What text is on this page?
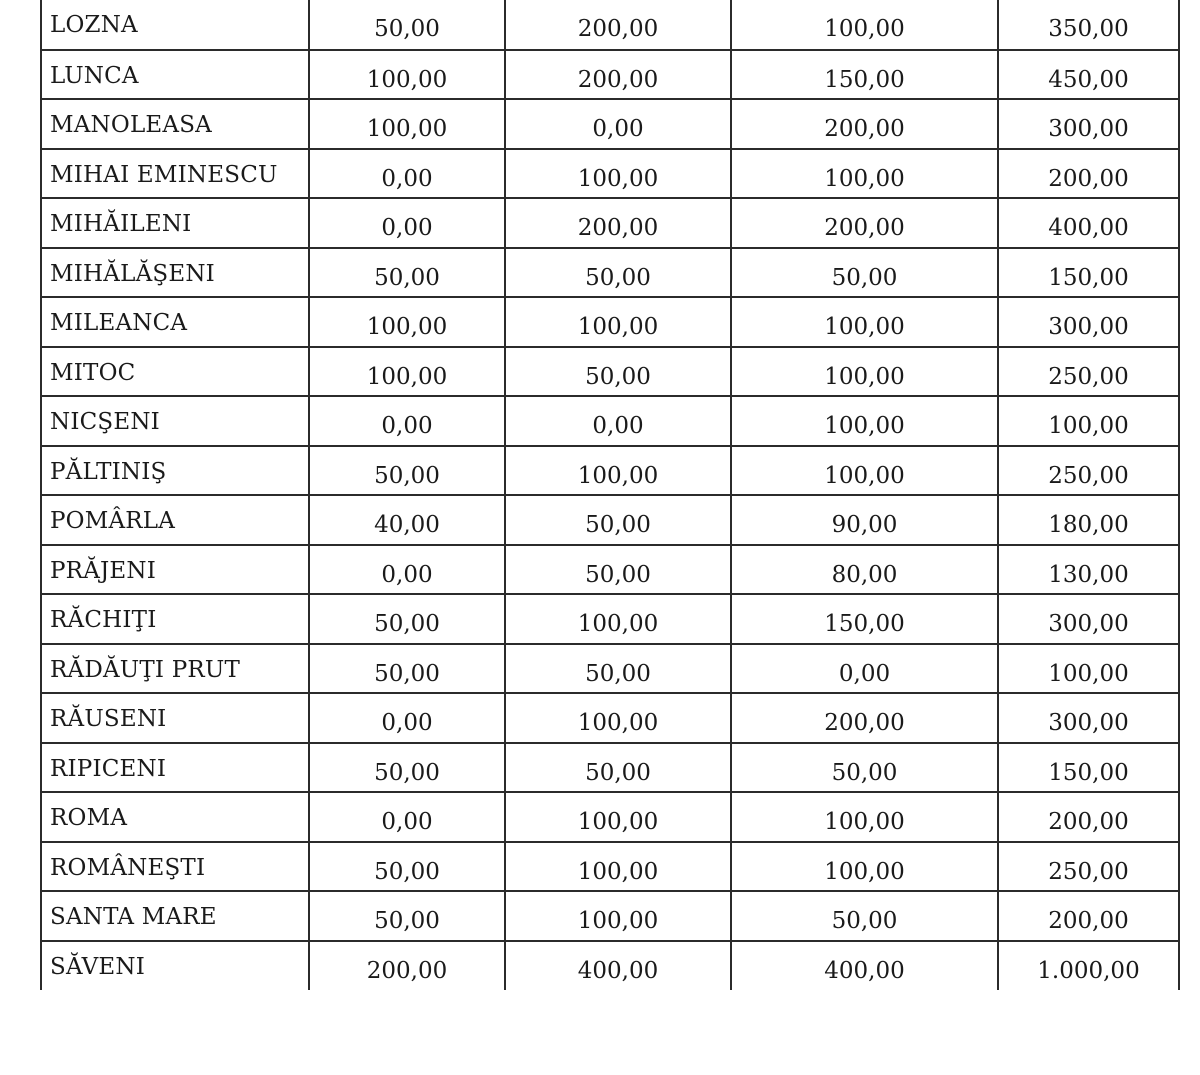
LOZNA	50,00	200,00	100,00	350,00
LUNCA	100,00	200,00	150,00	450,00
MANOLEASA	100,00	0,00	200,00	300,00
MIHAI EMINESCU	0,00	100,00	100,00	200,00
MIHĂILENI	0,00	200,00	200,00	400,00
MIHĂLĂŞENI	50,00	50,00	50,00	150,00
MILEANCA	100,00	100,00	100,00	300,00
MITOC	100,00	50,00	100,00	250,00
NICŞENI	0,00	0,00	100,00	100,00
PĂLTINIŞ	50,00	100,00	100,00	250,00
POMÂRLA	40,00	50,00	90,00	180,00
PRĂJENI	0,00	50,00	80,00	130,00
RĂCHIŢI	50,00	100,00	150,00	300,00
RĂDĂUŢI PRUT	50,00	50,00	0,00	100,00
RĂUSENI	0,00	100,00	200,00	300,00
RIPICENI	50,00	50,00	50,00	150,00
ROMA	0,00	100,00	100,00	200,00
ROMÂNEŞTI	50,00	100,00	100,00	250,00
SANTA MARE	50,00	100,00	50,00	200,00
SĂVENI	200,00	400,00	400,00	1.000,00
